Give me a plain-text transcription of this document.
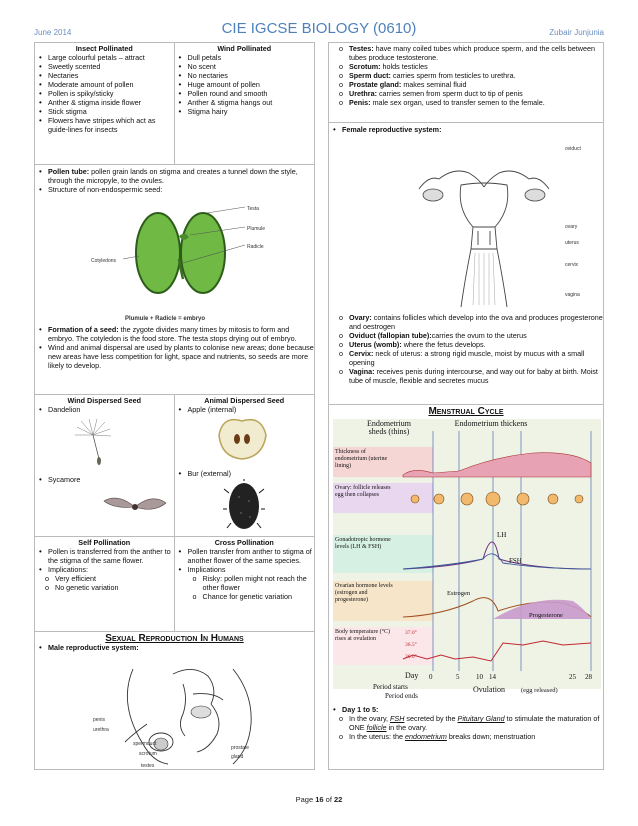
June 2014	CIE IGCSE BIOLOGY (0610)	Zubair Junjunia
Insect Pollinated
• Large colourful petals – attract
• Sweetly scented
• Nectaries
• Moderate amount of pollen
• Pollen is spiky/sticky
• Anther & stigma inside flower
• Stick stigma
• Flowers have stripes which act as guide-lines for insects
Wind Pollinated
• Dull petals
• No scent
• No nectaries
• Huge amount of pollen
• Pollen round and smooth
• Anther & stigma hangs out
• Stigma hairy
• Pollen tube: pollen grain lands on stigma and creates a tunnel down the style, through the micropyle, to the ovules.
• Structure of non-endospermic seed:
Testa
Plumule
Radicle
Cotyledons
Plumule + Radicle = embryo
• Formation of a seed: the zygote divides many times by mitosis to form and embryo. The cotyledon is the food store. The testa stops drying out of embryo.
• Wind and animal dispersal are used by plants to colonise new areas; done because new areas have less competition for light, space and nutrients, so seeds are more likely to develop.
Wind Dispersed Seed
• Dandelion
• Sycamore
Animal Dispersed Seed
• Apple (internal)
• Bur (external)
Self Pollination
• Pollen is transferred from the anther to the stigma of the same flower.
• Implications:
o Very efficient
o No genetic variation
Cross Pollination
• Pollen transfer from anther to stigma of another flower of the same species.
• Implications
o Risky: pollen might not reach the other flower
o Chance for genetic variation
Sexual Reproduction In Humans
• Male reproductive system:
penis
urethra
spermduct
scrotum
testes
prostate gland
o Testes: have many coiled tubes which produce sperm, and the cells between tubes produce testosterone.
o Scrotum: holds testicles
o Sperm duct: carries sperm from testicles to urethra.
o Prostate gland: makes seminal fluid
o Urethra: carries semen from sperm duct to tip of penis
o Penis: male sex organ, used to transfer semen to the female.
• Female reproductive system:
oviduct
ovary
uterus
cervix
vagina
o Ovary: contains follicles which develop into the ova and produces progesterone and oestrogen
o Oviduct (fallopian tube):carries the ovum to the uterus
o Uterus (womb): where the fetus develops.
o Cervix: neck of uterus: a strong rigid muscle, moist by mucus with a small opening
o Vagina: receives penis during intercourse, and way out for baby at birth. Moist tube of muscle, flexible and secretes mucus
Menstrual Cycle
Endometrium sheds (thins)
Endometrium thickens
Thickness of endometrium (uterine lining)
Ovary: follicle releases egg then collapses
Gonadotropic hormone levels (LH & FSH)
Ovarian hormone levels (estrogen and progesterone)
Body temperature (°C) rises at ovulation
LH
FSH
Estrogen
Progesterone
37.0°
36.5°
36.0°
Day 0	5 10 14	25 28
Period starts
Period ends
Ovulation (egg released)
• Day 1 to 5:
o In the ovary, FSH secreted by the Pituitary Gland to stimulate the maturation of ONE follicle in the ovary.
o In the uterus: the endometrium breaks down; menstruation
Page 16 of 22
